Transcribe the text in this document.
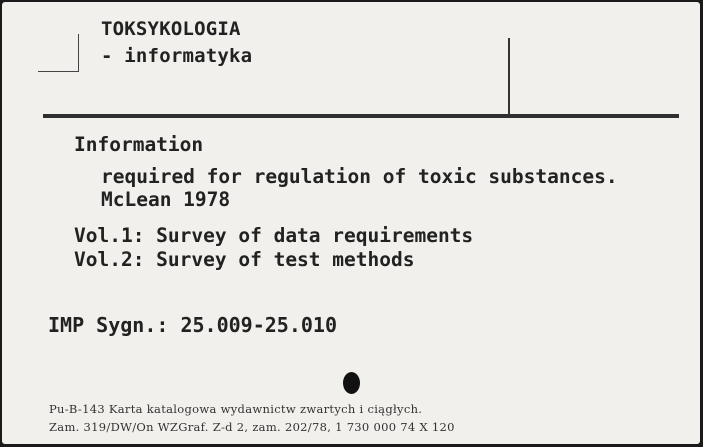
TOKSYKOLOGIA
- informatyka
Information
required for regulation of toxic substances.
McLean 1978
Vol.1: Survey of data requirements
Vol.2: Survey of test methods
IMP Sygn.: 25.009-25.010
Pu-B-143 Karta katalogowa wydawnictw zwartych i ciągłych.
Zam. 319/DW/On WZGraf. Z-d 2, zam. 202/78, 1 730 000 74 X 120
